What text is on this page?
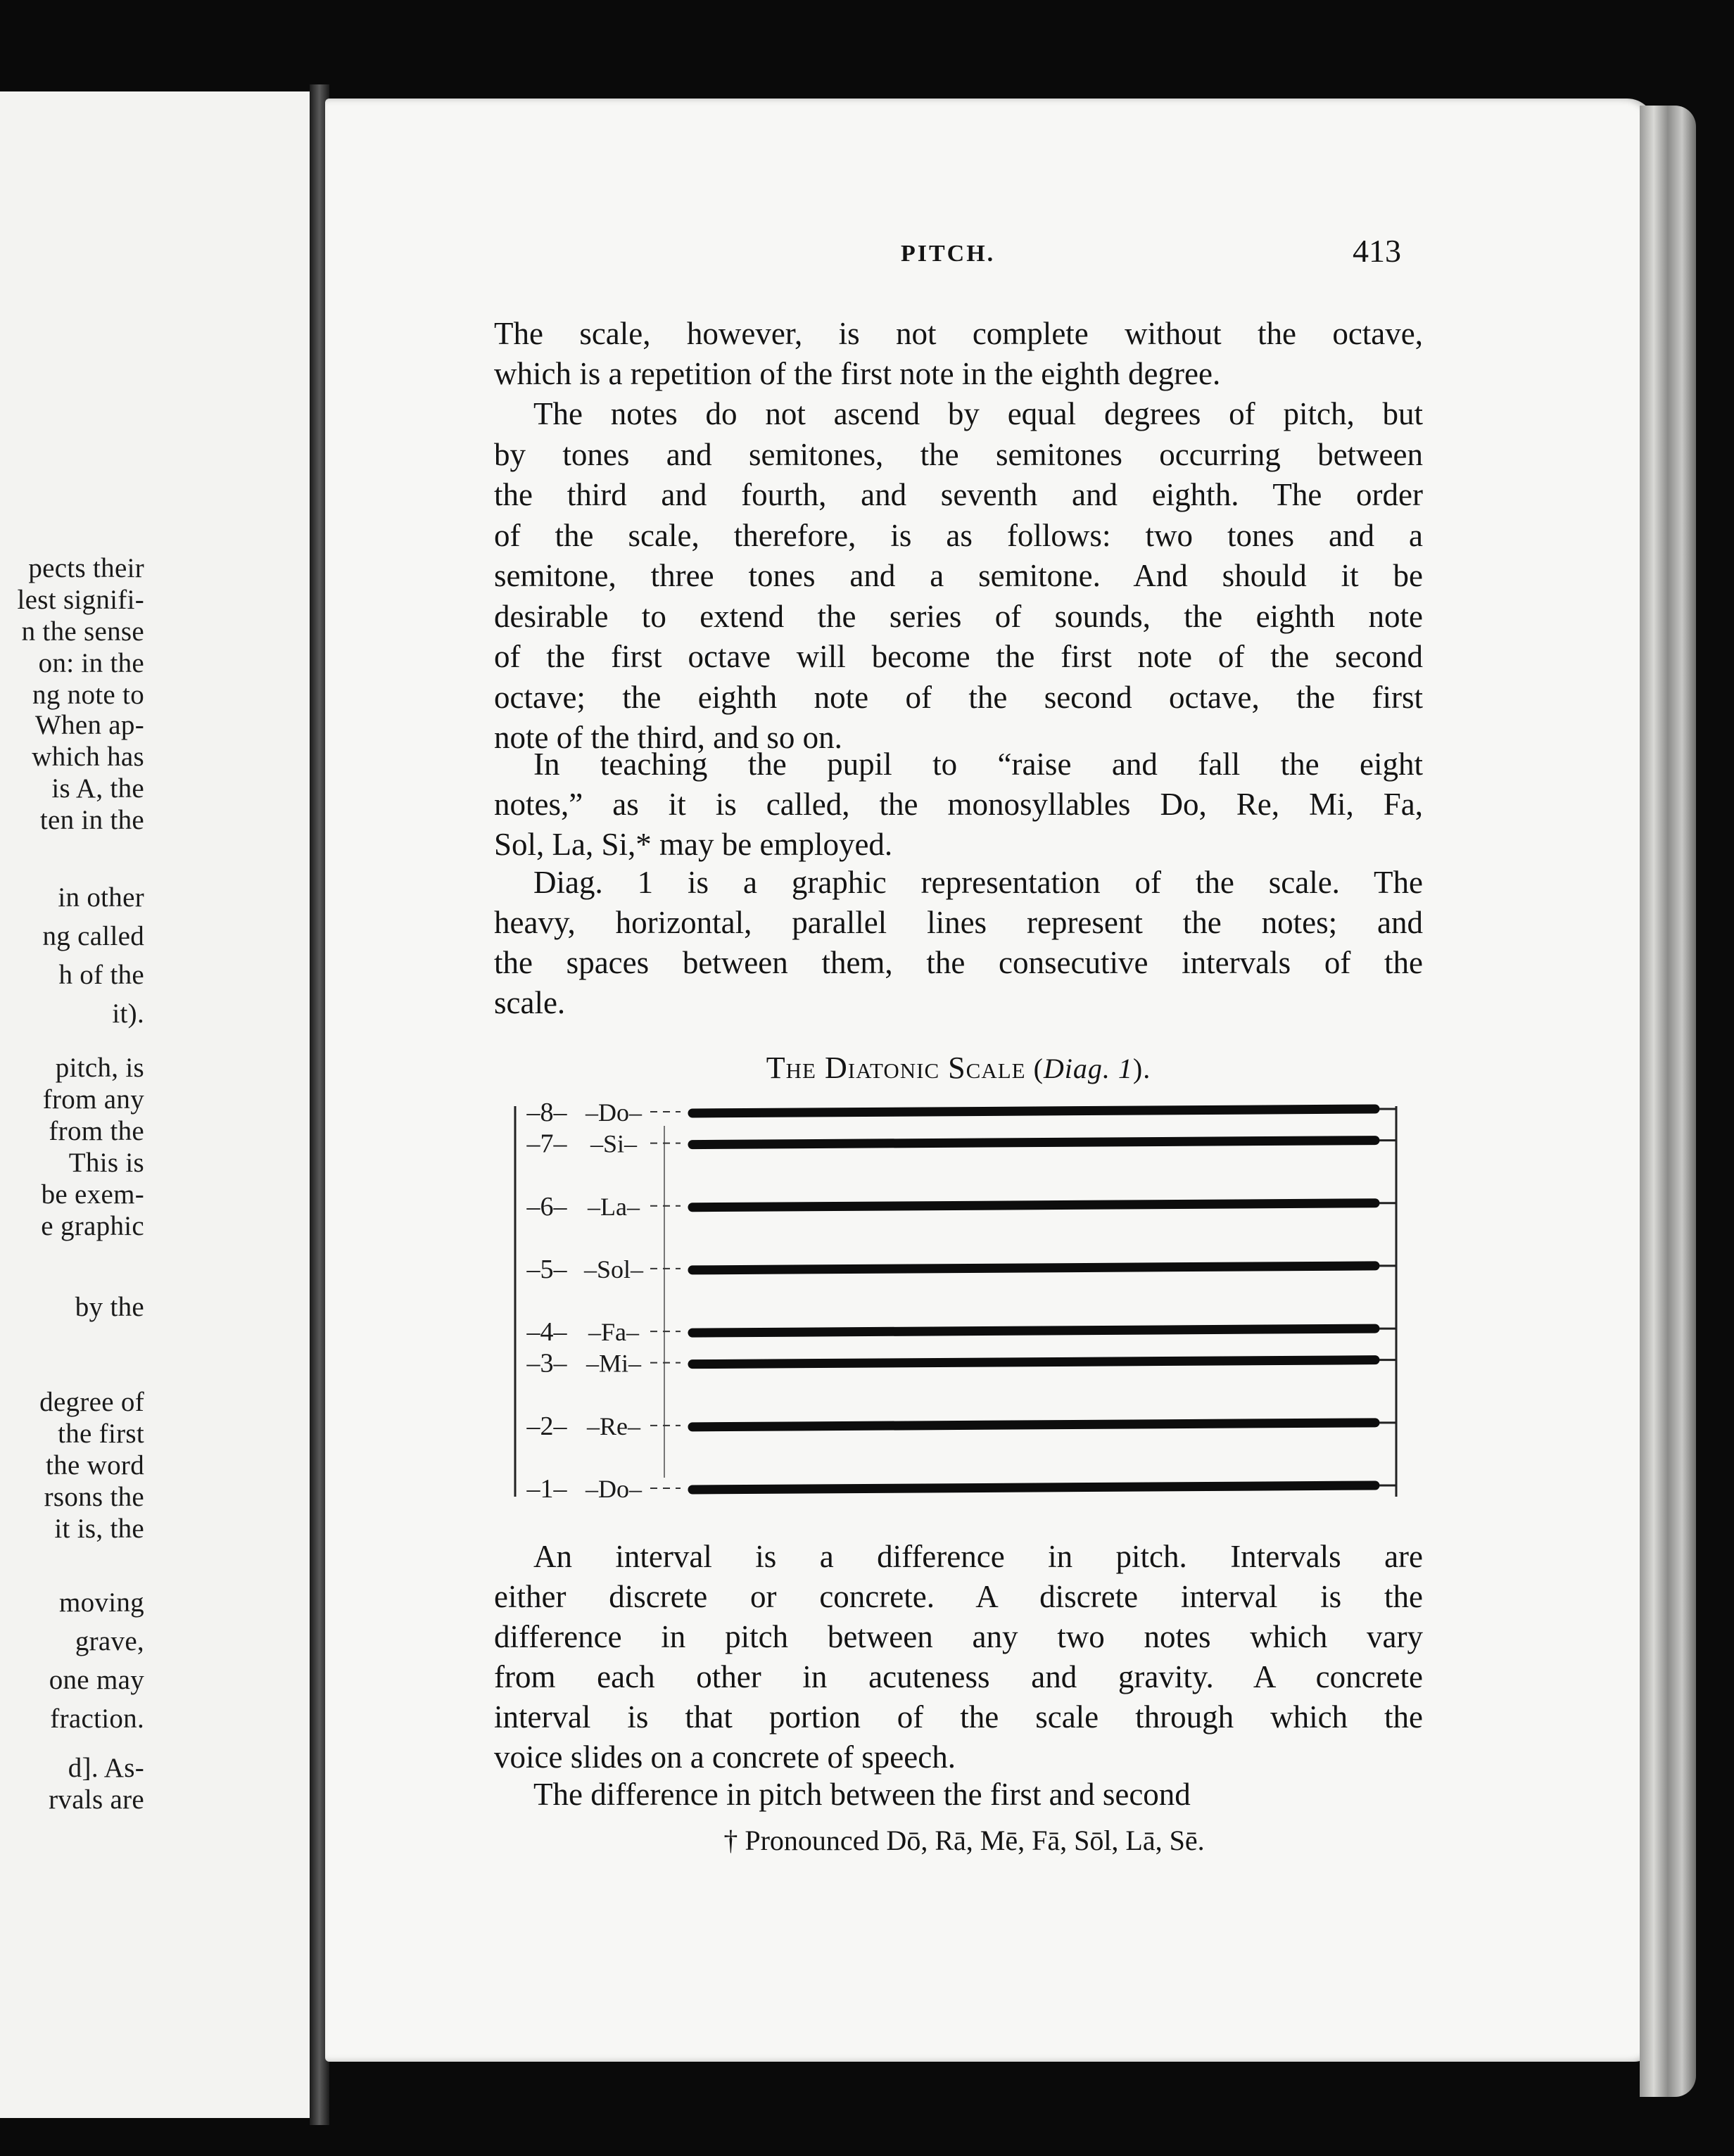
pects their
lest signifi-
n the sense
on: in the
ng note to
When ap-
which has
is A, the
ten in the
in other
ng called
h of the
it).
pitch, is
from any
from the
This is
be exem-
e graphic
by the
degree of
the first
the word
rsons the
it is, the
moving
grave,
one may
fraction.
d]. As-
rvals are
PITCH.	413
The scale, however, is not complete without the octave,
which is a repetition of the first note in the eighth degree.
The notes do not ascend by equal degrees of pitch, but
by tones and semitones, the semitones occurring between
the third and fourth, and seventh and eighth. The order
of the scale, therefore, is as follows: two tones and a
semitone, three tones and a semitone. And should it be
desirable to extend the series of sounds, the eighth note
of the first octave will become the first note of the second
octave; the eighth note of the second octave, the first
note of the third, and so on.
In teaching the pupil to “raise and fall the eight
notes,” as it is called, the monosyllables Do, Re, Mi, Fa,
Sol, La, Si,* may be employed.
Diag. 1 is a graphic representation of the scale. The
heavy, horizontal, parallel lines represent the notes; and
the spaces between them, the consecutive intervals of the
scale.
The Diatonic Scale (Diag. 1).
–8– –Do–
–7– –Si–
–6– –La–
–5– –Sol–
–4– –Fa–
–3– –Mi–
–2– –Re–
–1– –Do–
An interval is a difference in pitch. Intervals are
either discrete or concrete. A discrete interval is the
difference in pitch between any two notes which vary
from each other in acuteness and gravity. A concrete
interval is that portion of the scale through which the
voice slides on a concrete of speech.
The difference in pitch between the first and second
† Pronounced Dō, Rā, Mē, Fā, Sōl, Lā, Sē.
